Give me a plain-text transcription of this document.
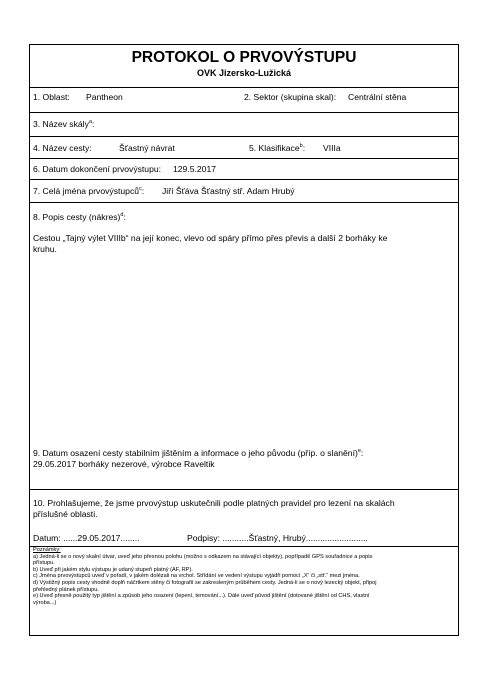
PROTOKOL O PRVOVÝSTUPU
OVK Jizersko-Lužická
1. Oblast: Pantheon	2. Sektor (skupina skal): Centrální stěna
3. Název skály$^a$:
4. Název cesty:	Šťastný návrat	5. Klasifikace$^b$: VIIIa
6. Datum dokončení prvovýstupu: 129.5.2017
7. Celá jména prvovýstupců$^c$: Jiří Šťáva Šťastný stř. Adam Hrubý
8. Popis cesty (nákres)$^d$:
Cestou „Tajný výlet VIIIb“ na její konec, vlevo od spáry přímo přes převis a další 2 borháky ke
kruhu.
9. Datum osazení cesty stabilním jištěním a informace o jeho původu (příp. o slanění)$^e$:
29.05.2017 borháky nezerové, výrobce Raveltik
10. Prohlašujeme, že jsme prvovýstup uskutečnili podle platných pravidel pro lezení na skalách
příslušné oblasti.
Datum: ......29.05.2017........	Podpisy: ...........Šťastný, Hrubý..........................
Poznámky:
a) Jedná-li se o nový skalní útvar, uveď jeho přesnou polohu (možno s odkazem na stávající objekty), popřípadě GPS souřadnice a popis
přístupu.
b) Uveď při jakém stylu výstupu je udaný stupeň platný (AF, RP).
c) Jména prvovýstupců uveď v pořadí, v jakém dolézali na vrchol. Střídání ve vedení výstupu vyjádři pomocí „X“ či „stř.“ mezi jména.
d) Výstižný popis cesty vhodně doplň náčrtkem stěny či fotografií se zakresleným průběhem cesty. Jedná-li se o nový lezecký objekt, připoj
přehledný plánek přístupu.
e) Uveď přesně použitý typ jištění a způsob jeho osazení (lepení, temování...). Dále uveď původ jištění (dotované jištění od ČHS, vlastní
výroba...)
